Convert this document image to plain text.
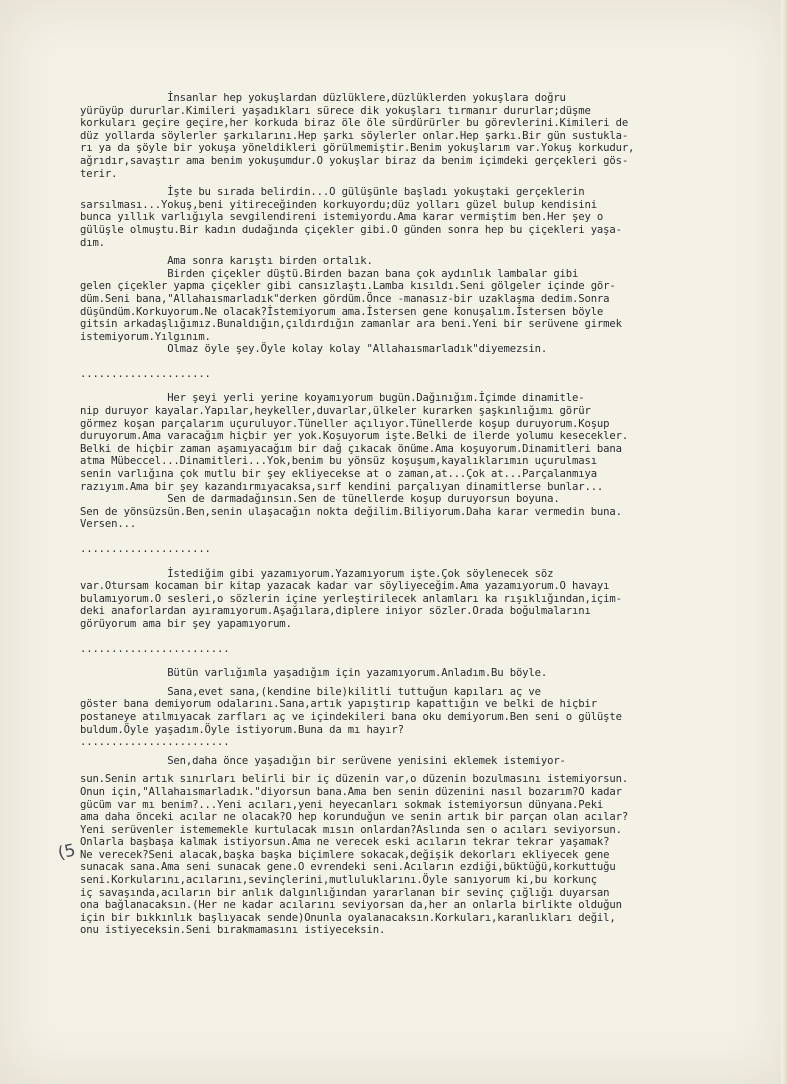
(5
İnsanlar hep yokuşlardan düzlüklere,düzlüklerden yokuşlara doğru
yürüyüp dururlar.Kimileri yaşadıkları sürece dik yokuşları tırmanır dururlar;düşme
korkuları geçire geçire,her korkuda biraz öle öle sürdürürler bu görevlerini.Kimileri de
düz yollarda söylerler şarkılarını.Hep şarkı söylerler onlar.Hep şarkı.Bir gün sustukla-
rı ya da şöyle bir yokuşa yöneldikleri görülmemiştir.Benim yokuşlarım var.Yokuş korkudur,
ağrıdır,savaştır ama benim yokuşumdur.O yokuşlar biraz da benim içimdeki gerçekleri gös-
terir.
İşte bu sırada belirdin...O gülüşünle başladı yokuştaki gerçeklerin
sarsılması...Yokuş,beni yitireceğinden korkuyordu;düz yolları güzel bulup kendisini
bunca yıllık varlığıyla sevgilendireni istemiyordu.Ama karar vermiştim ben.Her şey o
gülüşle olmuştu.Bir kadın dudağında çiçekler gibi.O günden sonra hep bu çiçekleri yaşa-
dım.
Ama sonra karıştı birden ortalık.
Birden çiçekler düştü.Birden bazan bana çok aydınlık lambalar gibi
gelen çiçekler yapma çiçekler gibi cansızlaştı.Lamba kısıldı.Seni gölgeler içinde gör-
düm.Seni bana,"Allahaısmarladık"derken gördüm.Önce -manasız-bir uzaklaşma dedim.Sonra
düşündüm.Korkuyorum.Ne olacak?İstemiyorum ama.İstersen gene konuşalım.İstersen böyle
gitsin arkadaşlığımız.Bunaldığın,çıldırdığın zamanlar ara beni.Yeni bir serüvene girmek
istemiyorum.Yılgınım.
Olmaz öyle şey.Öyle kolay kolay "Allahaısmarladık"diyemezsin.
.....................
Her şeyi yerli yerine koyamıyorum bugün.Dağınığım.İçimde dinamitle-
nip duruyor kayalar.Yapılar,heykeller,duvarlar,ülkeler kurarken şaşkınlığımı görür
görmez koşan parçalarım uçuruluyor.Tüneller açılıyor.Tünellerde koşup duruyorum.Koşup
duruyorum.Ama varacağım hiçbir yer yok.Koşuyorum işte.Belki de ilerde yolumu kesecekler.
Belki de hiçbir zaman aşamıyacağım bir dağ çıkacak önüme.Ama koşuyorum.Dinamitleri bana
atma Mübeccel...Dinamitleri...Yok,benim bu yönsüz koşuşum,kayalıklarımın uçurulması
senin varlığına çok mutlu bir şey ekliyecekse at o zaman,at...Çok at...Parçalanmıya
razıyım.Ama bir şey kazandırmıyacaksa,sırf kendini parçalıyan dinamitlerse bunlar...
Sen de darmadağınsın.Sen de tünellerde koşup duruyorsun boyuna.
Sen de yönsüzsün.Ben,senin ulaşacağın nokta değilim.Biliyorum.Daha karar vermedin buna.
Versen...
.....................
İstediğim gibi yazamıyorum.Yazamıyorum işte.Çok söylenecek söz
var.Otursam kocaman bir kitap yazacak kadar var söyliyeceğim.Ama yazamıyorum.O havayı
bulamıyorum.O sesleri,o sözlerin içine yerleştirilecek anlamları ka rışıklığından,içim-
deki anaforlardan ayıramıyorum.Aşağılara,diplere iniyor sözler.Orada boğulmalarını
görüyorum ama bir şey yapamıyorum.
........................
Bütün varlığımla yaşadığım için yazamıyorum.Anladım.Bu böyle.
Sana,evet sana,(kendine bile)kilitli tuttuğun kapıları aç ve
göster bana demiyorum odalarını.Sana,artık yapıştırıp kapattığın ve belki de hiçbir
postaneye atılmıyacak zarfları aç ve içindekileri bana oku demiyorum.Ben seni o gülüşte
buldum.Öyle yaşadım.Öyle istiyorum.Buna da mı hayır?
........................
Sen,daha önce yaşadığın bir serüvene yenisini eklemek istemiyor-
sun.Senin artık sınırları belirli bir iç düzenin var,o düzenin bozulmasını istemiyorsun.
Onun için,"Allahaısmarladık."diyorsun bana.Ama ben senin düzenini nasıl bozarım?O kadar
gücüm var mı benim?...Yeni acıları,yeni heyecanları sokmak istemiyorsun dünyana.Peki
ama daha önceki acılar ne olacak?O hep korunduğun ve senin artık bir parçan olan acılar?
Yeni serüvenler istememekle kurtulacak mısın onlardan?Aslında sen o acıları seviyorsun.
Onlarla başbaşa kalmak istiyorsun.Ama ne verecek eski acıların tekrar tekrar yaşamak?
Ne verecek?Seni alacak,başka başka biçimlere sokacak,değişik dekorları ekliyecek gene
sunacak sana.Ama seni sunacak gene.O evrendeki seni.Acıların ezdiği,büktüğü,korkuttuğu
seni.Korkularını,acılarını,sevinçlerini,mutluluklarını.Öyle sanıyorum ki,bu korkunç
iç savaşında,acıların bir anlık dalgınlığından yararlanan bir sevinç çığlığı duyarsan
ona bağlanacaksın.(Her ne kadar acılarını seviyorsan da,her an onlarla birlikte olduğun
için bir bıkkınlık başlıyacak sende)Onunla oyalanacaksın.Korkuları,karanlıkları değil,
onu istiyeceksin.Seni bırakmamasını istiyeceksin.
